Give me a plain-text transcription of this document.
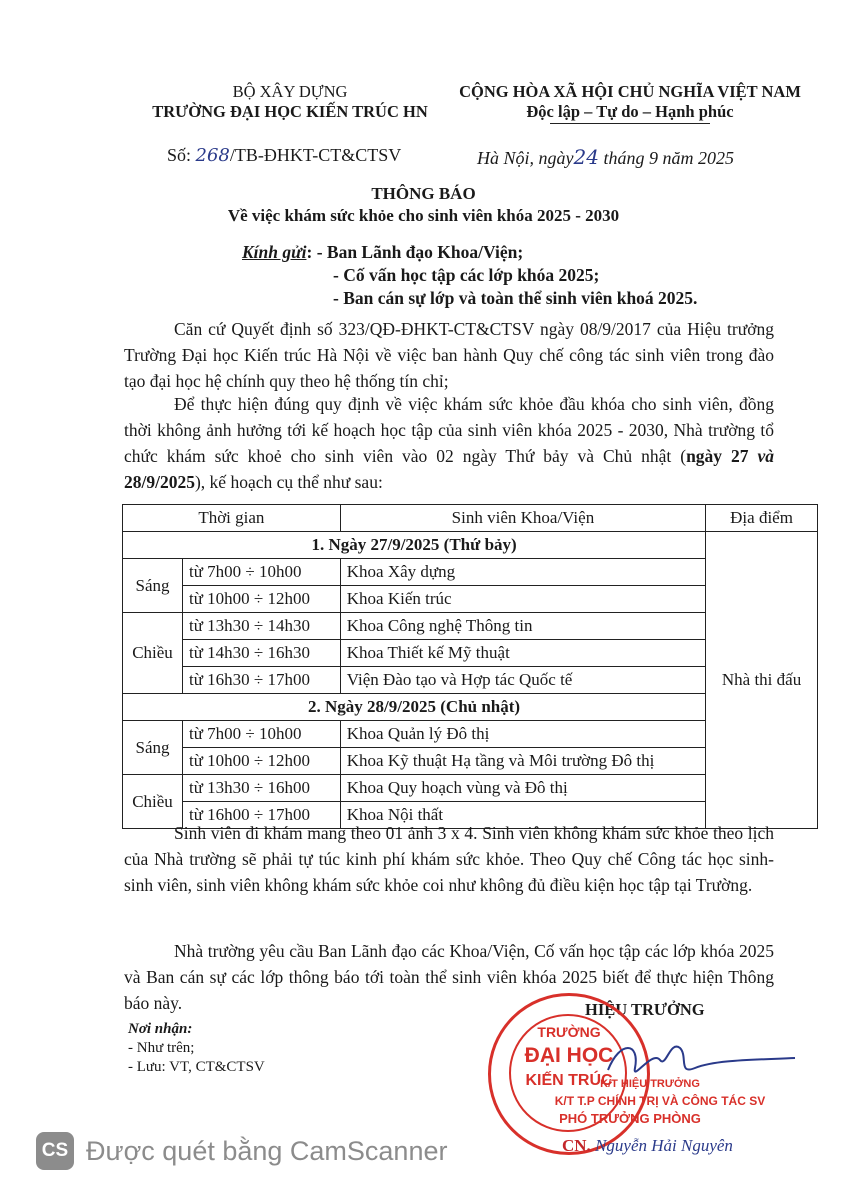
BỘ XÂY DỰNG
TRƯỜNG ĐẠI HỌC KIẾN TRÚC HN
CỘNG HÒA XÃ HỘI CHỦ NGHĨA VIỆT NAM
Độc lập – Tự do – Hạnh phúc
Số: 268/TB-ĐHKT-CT&CTSV	Hà Nội, ngày24 tháng 9 năm 2025
THÔNG BÁO
Về việc khám sức khỏe cho sinh viên khóa 2025 - 2030
Kính gửi: - Ban Lãnh đạo Khoa/Viện;
- Cố vấn học tập các lớp khóa 2025;
- Ban cán sự lớp và toàn thể sinh viên khoá 2025.
Căn cứ Quyết định số 323/QĐ-ĐHKT-CT&CTSV ngày 08/9/2017 của Hiệu trưởng Trường Đại học Kiến trúc Hà Nội về việc ban hành Quy chế công tác sinh viên trong đào tạo đại học hệ chính quy theo hệ thống tín chỉ;
Để thực hiện đúng quy định về việc khám sức khỏe đầu khóa cho sinh viên, đồng thời không ảnh hưởng tới kế hoạch học tập của sinh viên khóa 2025 - 2030, Nhà trường tổ chức khám sức khoẻ cho sinh viên vào 02 ngày Thứ bảy và Chủ nhật (ngày 27 và 28/9/2025), kế hoạch cụ thể như sau:
Thời gian		Sinh viên Khoa/Viện	Địa điểm
1. Ngày 27/9/2025 (Thứ bảy)			Nhà thi đấu
Sáng	từ 7h00 ÷ 10h00	Khoa Xây dựng	
	từ 10h00 ÷ 12h00	Khoa Kiến trúc	
Chiều	từ 13h30 ÷ 14h30	Khoa Công nghệ Thông tin	
	từ 14h30 ÷ 16h30	Khoa Thiết kế Mỹ thuật	
	từ 16h30 ÷ 17h00	Viện Đào tạo và Hợp tác Quốc tế	
2. Ngày 28/9/2025 (Chủ nhật)			
Sáng	từ 7h00 ÷ 10h00	Khoa Quản lý Đô thị	
	từ 10h00 ÷ 12h00	Khoa Kỹ thuật Hạ tầng và Môi trường Đô thị	
Chiều	từ 13h30 ÷ 16h00	Khoa Quy hoạch vùng và Đô thị	
	từ 16h00 ÷ 17h00	Khoa Nội thất	
Sinh viên đi khám mang theo 01 ảnh 3 x 4. Sinh viên không khám sức khỏe theo lịch của Nhà trường sẽ phải tự túc kinh phí khám sức khỏe. Theo Quy chế Công tác học sinh-sinh viên, sinh viên không khám sức khỏe coi như không đủ điều kiện học tập tại Trường.
Nhà trường yêu cầu Ban Lãnh đạo các Khoa/Viện, Cố vấn học tập các lớp khóa 2025 và Ban cán sự các lớp thông báo tới toàn thể sinh viên khóa 2025 biết để thực hiện Thông báo này.
Nơi nhận:
- Như trên;
- Lưu: VT, CT&CTSV
HIỆU TRƯỞNG
TRƯỜNG
ĐẠI HỌC
KIẾN TRÚC
K/T HIỆU TRƯỞNG
K/T T.P CHÍNH TRỊ VÀ CÔNG TÁC SV
PHÓ TRƯỞNG PHÒNG
CN. Nguyễn Hải Nguyên
CS Được quét bằng CamScanner
